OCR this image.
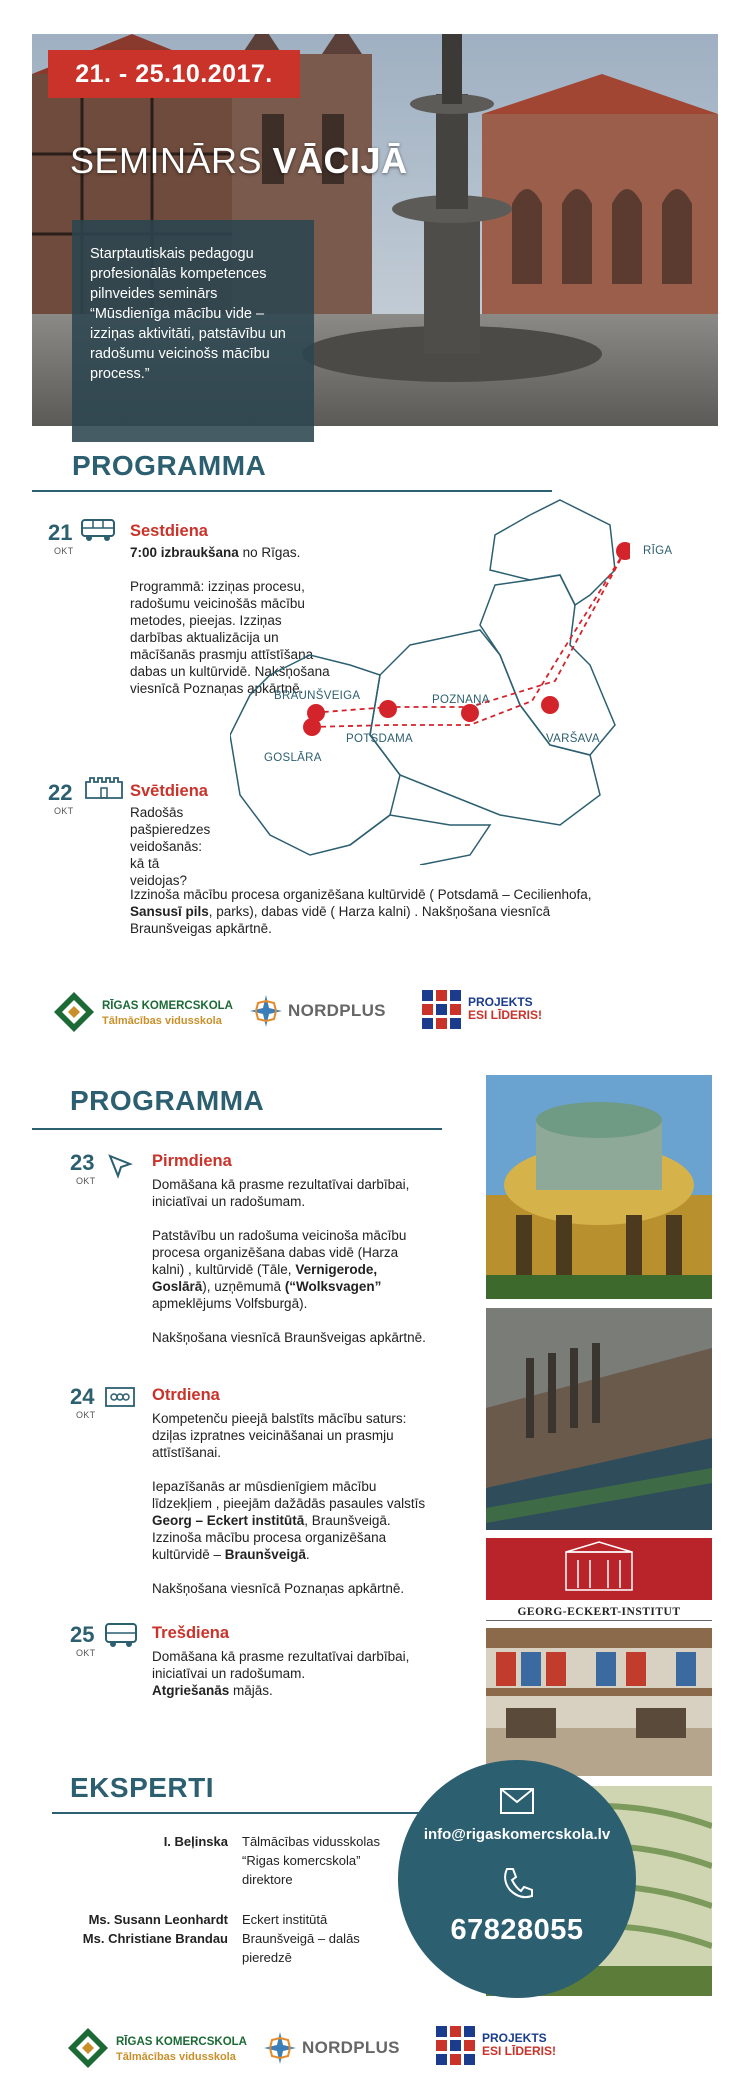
21. - 25.10.2017.
SEMINĀRS VĀCIJĀ
Starptautiskais pedagogu profesionālās kompetences pilnveides seminārs “Mūsdienīga mācību vide – izziņas aktivitāti, patstāvību un radošumu veicinošs mācību process.”
PROGRAMMA
21
OKT
Sestdiena
7:00 izbraukšana no Rīgas.
Programmā: izziņas procesu, radošumu veicinošās mācību metodes, pieejas. Izziņas darbības aktualizācija un mācīšanās prasmju attīstīšana dabas un kultūrvidē. Nakšņošana viesnīcā Poznaņas apkārtnē.
RĪGA
BRAUNŠVEIGA	POZNAŅA
POTSDAMA	VARŠAVA
GOSLĀRA
22
OKT
Svētdiena
Radošās pašpieredzes veidošanās: kā tā veidojas?
Izzinoša mācību procesa organizēšana kultūrvidē ( Potsdamā – Cecilienhofa, Sansusī pils, parks), dabas vidē ( Harza kalni) . Nakšņošana viesnīcā Braunšveigas apkārtnē.
RĪGAS KOMERCSKOLA
Tālmācības vidusskola
NORDPLUS	PROJEKTS
ESI LĪDERIS!
PROGRAMMA
23
OKT
Pirmdiena

Domāšana kā prasme rezultatīvai darbībai, iniciatīvai un radošumam.

Patstāvību un radošuma veicinoša mācību procesa organizēšana dabas vidē (Harza kalni) , kultūrvidē (Tāle, Vernigerode, Goslārā), uzņēmumā (“Wolksvagen” apmeklējums Volfsburgā).

Nakšņošana viesnīcā Braunšveigas apkārtnē.

24
OKT
Otrdiena

Kompetenču pieejā balstīts mācību saturs: dziļas izpratnes veicināšanai un prasmju attīstīšanai.

Iepazīšanās ar mūsdienīgiem mācību līdzekļiem , pieejām dažādās pasaules valstīs Georg – Eckert institūtā, Braunšveigā. Izzinoša mācību procesa organizēšana kultūrvidē – Braunšveigā.

Nakšņošana viesnīcā Poznaņas apkārtnē.

25
OKT
Trešdiena
Domāšana kā prasme rezultatīvai darbībai, iniciatīvai un radošumam.
Atgriešanās mājās.
GEORG-ECKERT-INSTITUT
EKSPERTI
I. Beļinska Tālmācības vidusskolas “Rigas komercskola” direktore
Ms. Susann Leonhardt
Ms. Christiane Brandau
Eckert institūtā Braunšveigā – dalās pieredzē
info@rigaskomercskola.lv
67828055
RĪGAS KOMERCSKOLA
Tālmācības vidusskola	NORDPLUS	PROJEKTS
ESI LĪDERIS!
